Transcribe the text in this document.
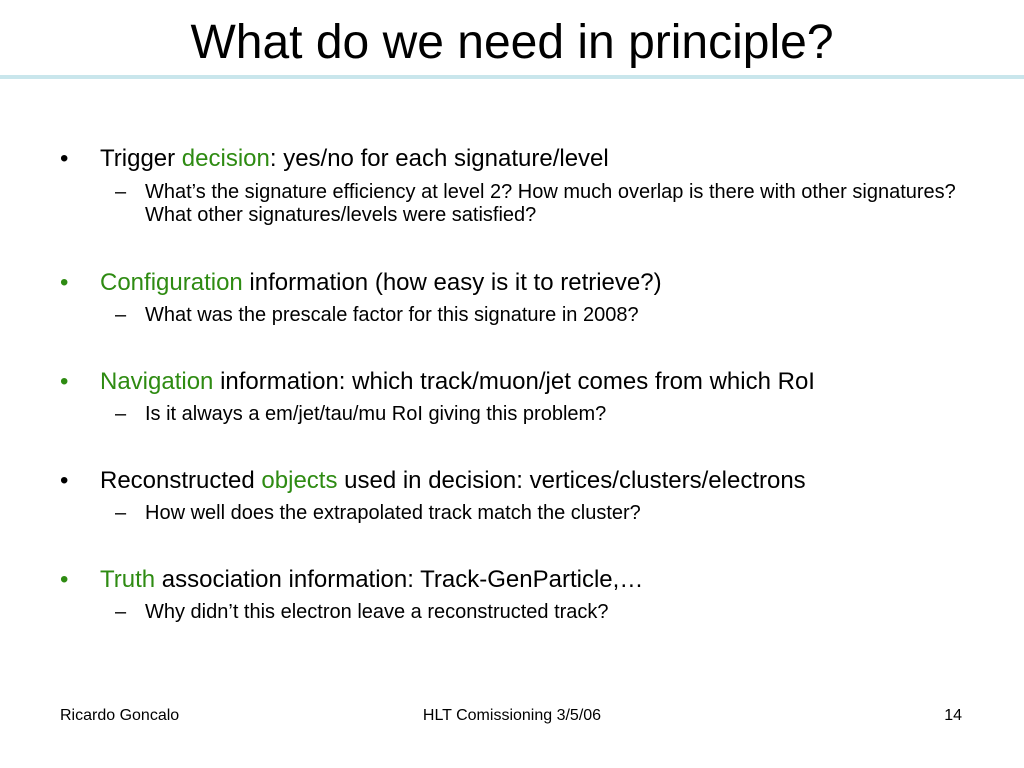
What do we need in principle?
• Trigger decision: yes/no for each signature/level
– What’s the signature efficiency at level 2? How much overlap is there with other signatures? What other signatures/levels were satisfied?
• Configuration information (how easy is it to retrieve?)
– What was the prescale factor for this signature in 2008?
• Navigation information: which track/muon/jet comes from which RoI
– Is it always a em/jet/tau/mu RoI giving this problem?
• Reconstructed objects used in decision: vertices/clusters/electrons
– How well does the extrapolated track match the cluster?
• Truth association information: Track-GenParticle,…
– Why didn’t this electron leave a reconstructed track?
Ricardo Goncalo	HLT Comissioning 3/5/06	14
